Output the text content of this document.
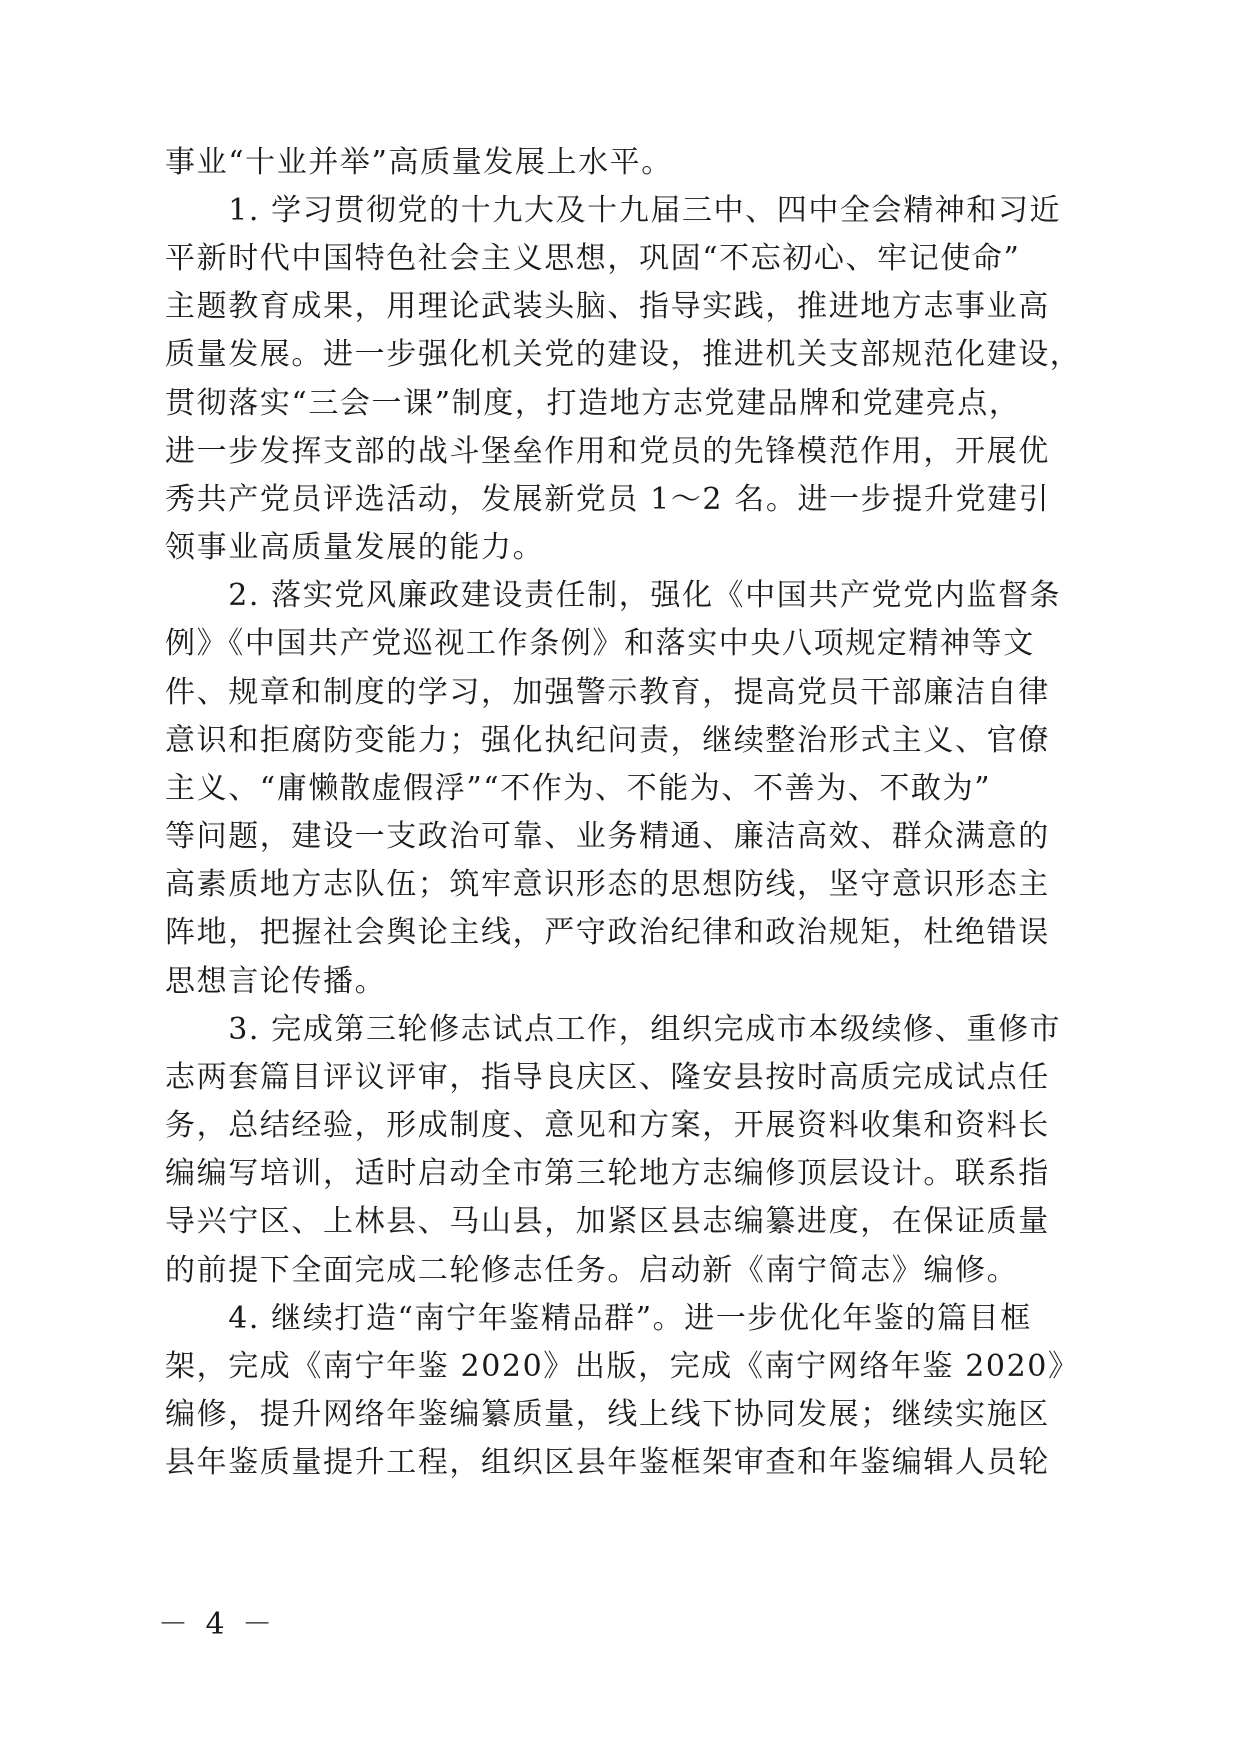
事业“十业并举”高质量发展上水平。
　　1. 学习贯彻党的十九大及十九届三中、四中全会精神和习近
平新时代中国特色社会主义思想，巩固“不忘初心、牢记使命”
主题教育成果，用理论武装头脑、指导实践，推进地方志事业高
质量发展。进一步强化机关党的建设，推进机关支部规范化建设，
贯彻落实“三会一课”制度，打造地方志党建品牌和党建亮点，
进一步发挥支部的战斗堡垒作用和党员的先锋模范作用，开展优
秀共产党员评选活动，发展新党员 1～2 名。进一步提升党建引
领事业高质量发展的能力。
　　2. 落实党风廉政建设责任制，强化《中国共产党党内监督条
例》《中国共产党巡视工作条例》和落实中央八项规定精神等文
件、规章和制度的学习，加强警示教育，提高党员干部廉洁自律
意识和拒腐防变能力；强化执纪问责，继续整治形式主义、官僚
主义、“庸懒散虚假浮”“不作为、不能为、不善为、不敢为”
等问题，建设一支政治可靠、业务精通、廉洁高效、群众满意的
高素质地方志队伍；筑牢意识形态的思想防线，坚守意识形态主
阵地，把握社会舆论主线，严守政治纪律和政治规矩，杜绝错误
思想言论传播。
　　3. 完成第三轮修志试点工作，组织完成市本级续修、重修市
志两套篇目评议评审，指导良庆区、隆安县按时高质完成试点任
务，总结经验，形成制度、意见和方案，开展资料收集和资料长
编编写培训，适时启动全市第三轮地方志编修顶层设计。联系指
导兴宁区、上林县、马山县，加紧区县志编纂进度，在保证质量
的前提下全面完成二轮修志任务。启动新《南宁简志》编修。
　　4. 继续打造“南宁年鉴精品群”。进一步优化年鉴的篇目框
架，完成《南宁年鉴 2020》出版，完成《南宁网络年鉴 2020》
编修，提升网络年鉴编纂质量，线上线下协同发展；继续实施区
县年鉴质量提升工程，组织区县年鉴框架审查和年鉴编辑人员轮
－ 4 －
